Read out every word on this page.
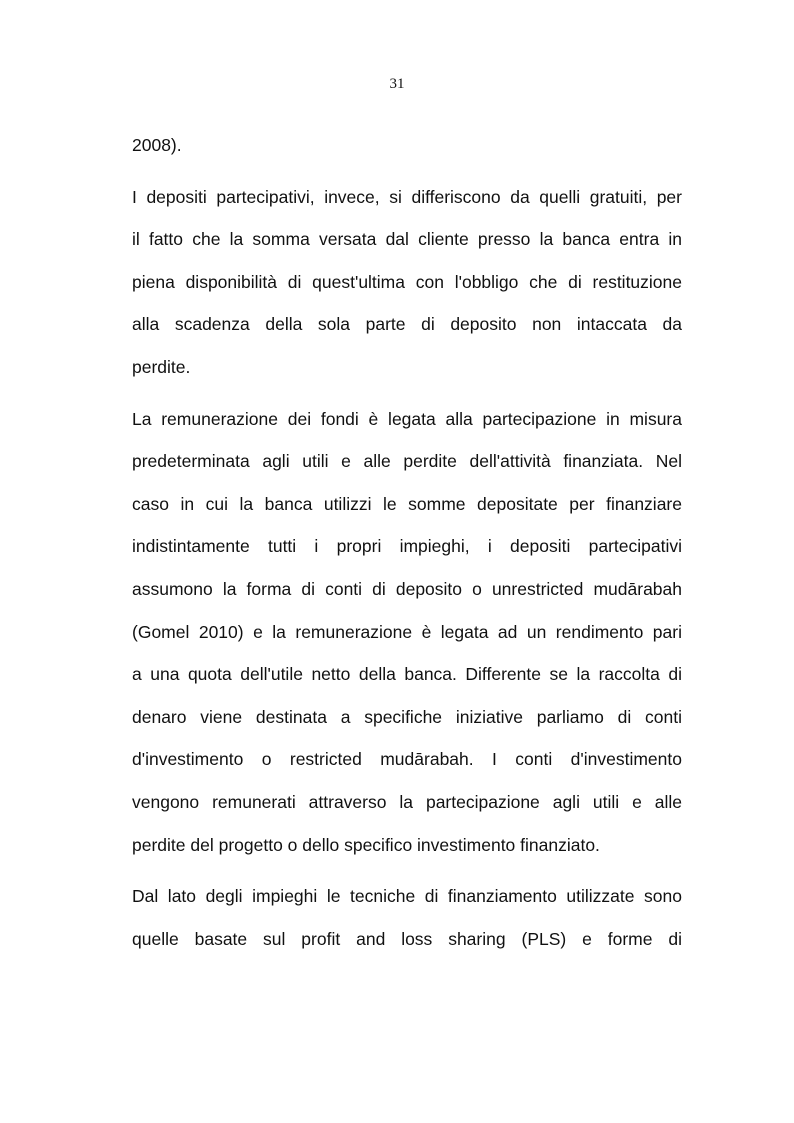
31
2008).
I depositi partecipativi, invece, si differiscono da quelli gratuiti, per
il fatto che la somma versata dal cliente presso la banca entra in
piena disponibilità di quest'ultima con l'obbligo che di restituzione
alla scadenza della sola parte di deposito non intaccata da
perdite.
La remunerazione dei fondi è legata alla partecipazione in misura
predeterminata agli utili e alle perdite dell'attività finanziata. Nel
caso in cui la banca utilizzi le somme depositate per finanziare
indistintamente tutti i propri impieghi, i depositi partecipativi
assumono la forma di conti di deposito o unrestricted mudārabah
(Gomel 2010) e la remunerazione è legata ad un rendimento pari
a una quota dell'utile netto della banca. Differente se la raccolta di
denaro viene destinata a specifiche iniziative parliamo di conti
d'investimento o restricted mudārabah. I conti d'investimento
vengono remunerati attraverso la partecipazione agli utili e alle
perdite del progetto o dello specifico investimento finanziato.
Dal lato degli impieghi le tecniche di finanziamento utilizzate sono
quelle basate sul profit and loss sharing (PLS) e forme di
